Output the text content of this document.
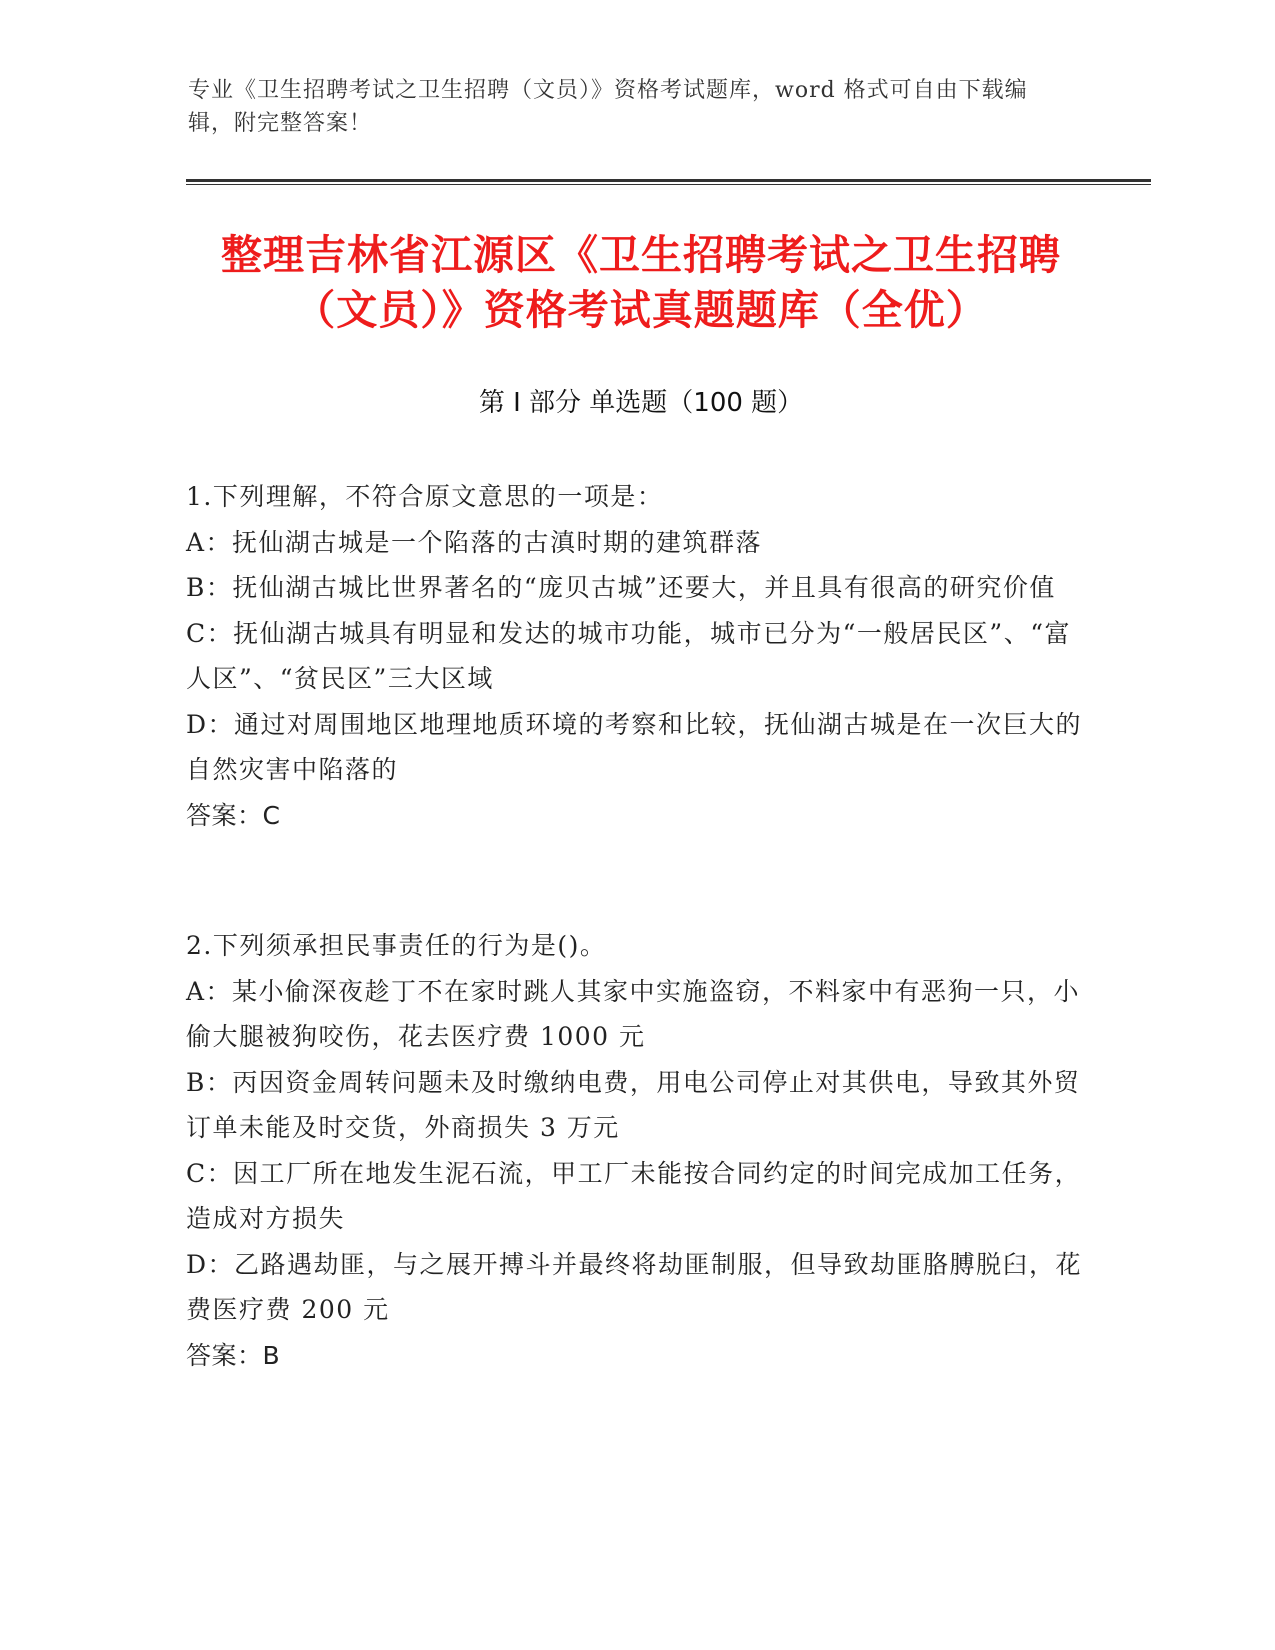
专业《卫生招聘考试之卫生招聘（文员）》资格考试题库，word 格式可自由下载编辑，附完整答案！
整理吉林省江源区《卫生招聘考试之卫生招聘（文员）》资格考试真题题库（全优）
第 I 部分 单选题（100 题）

1.下列理解，不符合原文意思的一项是：

A：抚仙湖古城是一个陷落的古滇时期的建筑群落

B：抚仙湖古城比世界著名的“庞贝古城”还要大，并且具有很高的研究价值

C：抚仙湖古城具有明显和发达的城市功能，城市已分为“一般居民区”、“富人区”、“贫民区”三大区域

D：通过对周围地区地理地质环境的考察和比较，抚仙湖古城是在一次巨大的自然灾害中陷落的

答案：C

2.下列须承担民事责任的行为是()。

A：某小偷深夜趁丁不在家时跳人其家中实施盗窃，不料家中有恶狗一只，小偷大腿被狗咬伤，花去医疗费 1000 元

B：丙因资金周转问题未及时缴纳电费，用电公司停止对其供电，导致其外贸订单未能及时交货，外商损失 3 万元

C：因工厂所在地发生泥石流，甲工厂未能按合同约定的时间完成加工任务，造成对方损失

D：乙路遇劫匪，与之展开搏斗并最终将劫匪制服，但导致劫匪胳膊脱臼，花费医疗费 200 元

答案：B
